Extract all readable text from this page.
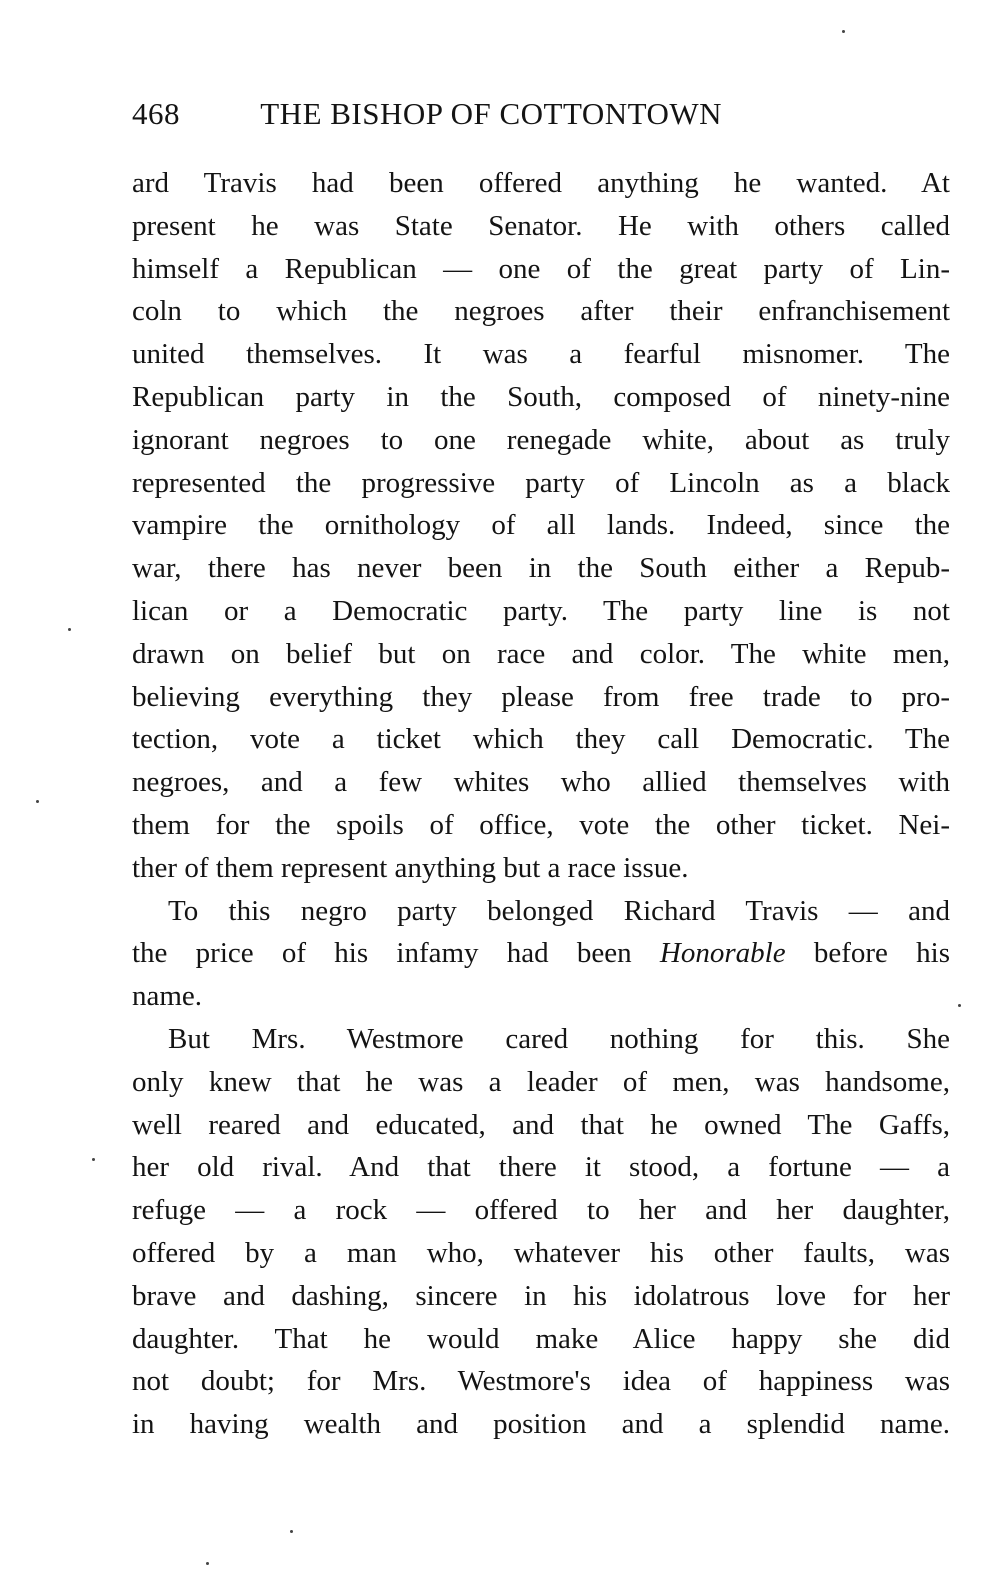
468	THE BISHOP OF COTTONTOWN
ard Travis had been offered anything he wanted. At
present he was State Senator. He with others called
himself a Republican — one of the great party of Lin-
coln to which the negroes after their enfranchisement
united themselves. It was a fearful misnomer. The
Republican party in the South, composed of ninety-nine
ignorant negroes to one renegade white, about as truly
represented the progressive party of Lincoln as a black
vampire the ornithology of all lands. Indeed, since the
war, there has never been in the South either a Repub-
lican or a Democratic party. The party line is not
drawn on belief but on race and color. The white men,
believing everything they please from free trade to pro-
tection, vote a ticket which they call Democratic. The
negroes, and a few whites who allied themselves with
them for the spoils of office, vote the other ticket. Nei-
ther of them represent anything but a race issue.
To this negro party belonged Richard Travis — and
the price of his infamy had been Honorable before his
name.
But Mrs. Westmore cared nothing for this. She
only knew that he was a leader of men, was handsome,
well reared and educated, and that he owned The Gaffs,
her old rival. And that there it stood, a fortune — a
refuge — a rock — offered to her and her daughter,
offered by a man who, whatever his other faults, was
brave and dashing, sincere in his idolatrous love for her
daughter. That he would make Alice happy she did
not doubt; for Mrs. Westmore's idea of happiness was
in having wealth and position and a splendid name.
